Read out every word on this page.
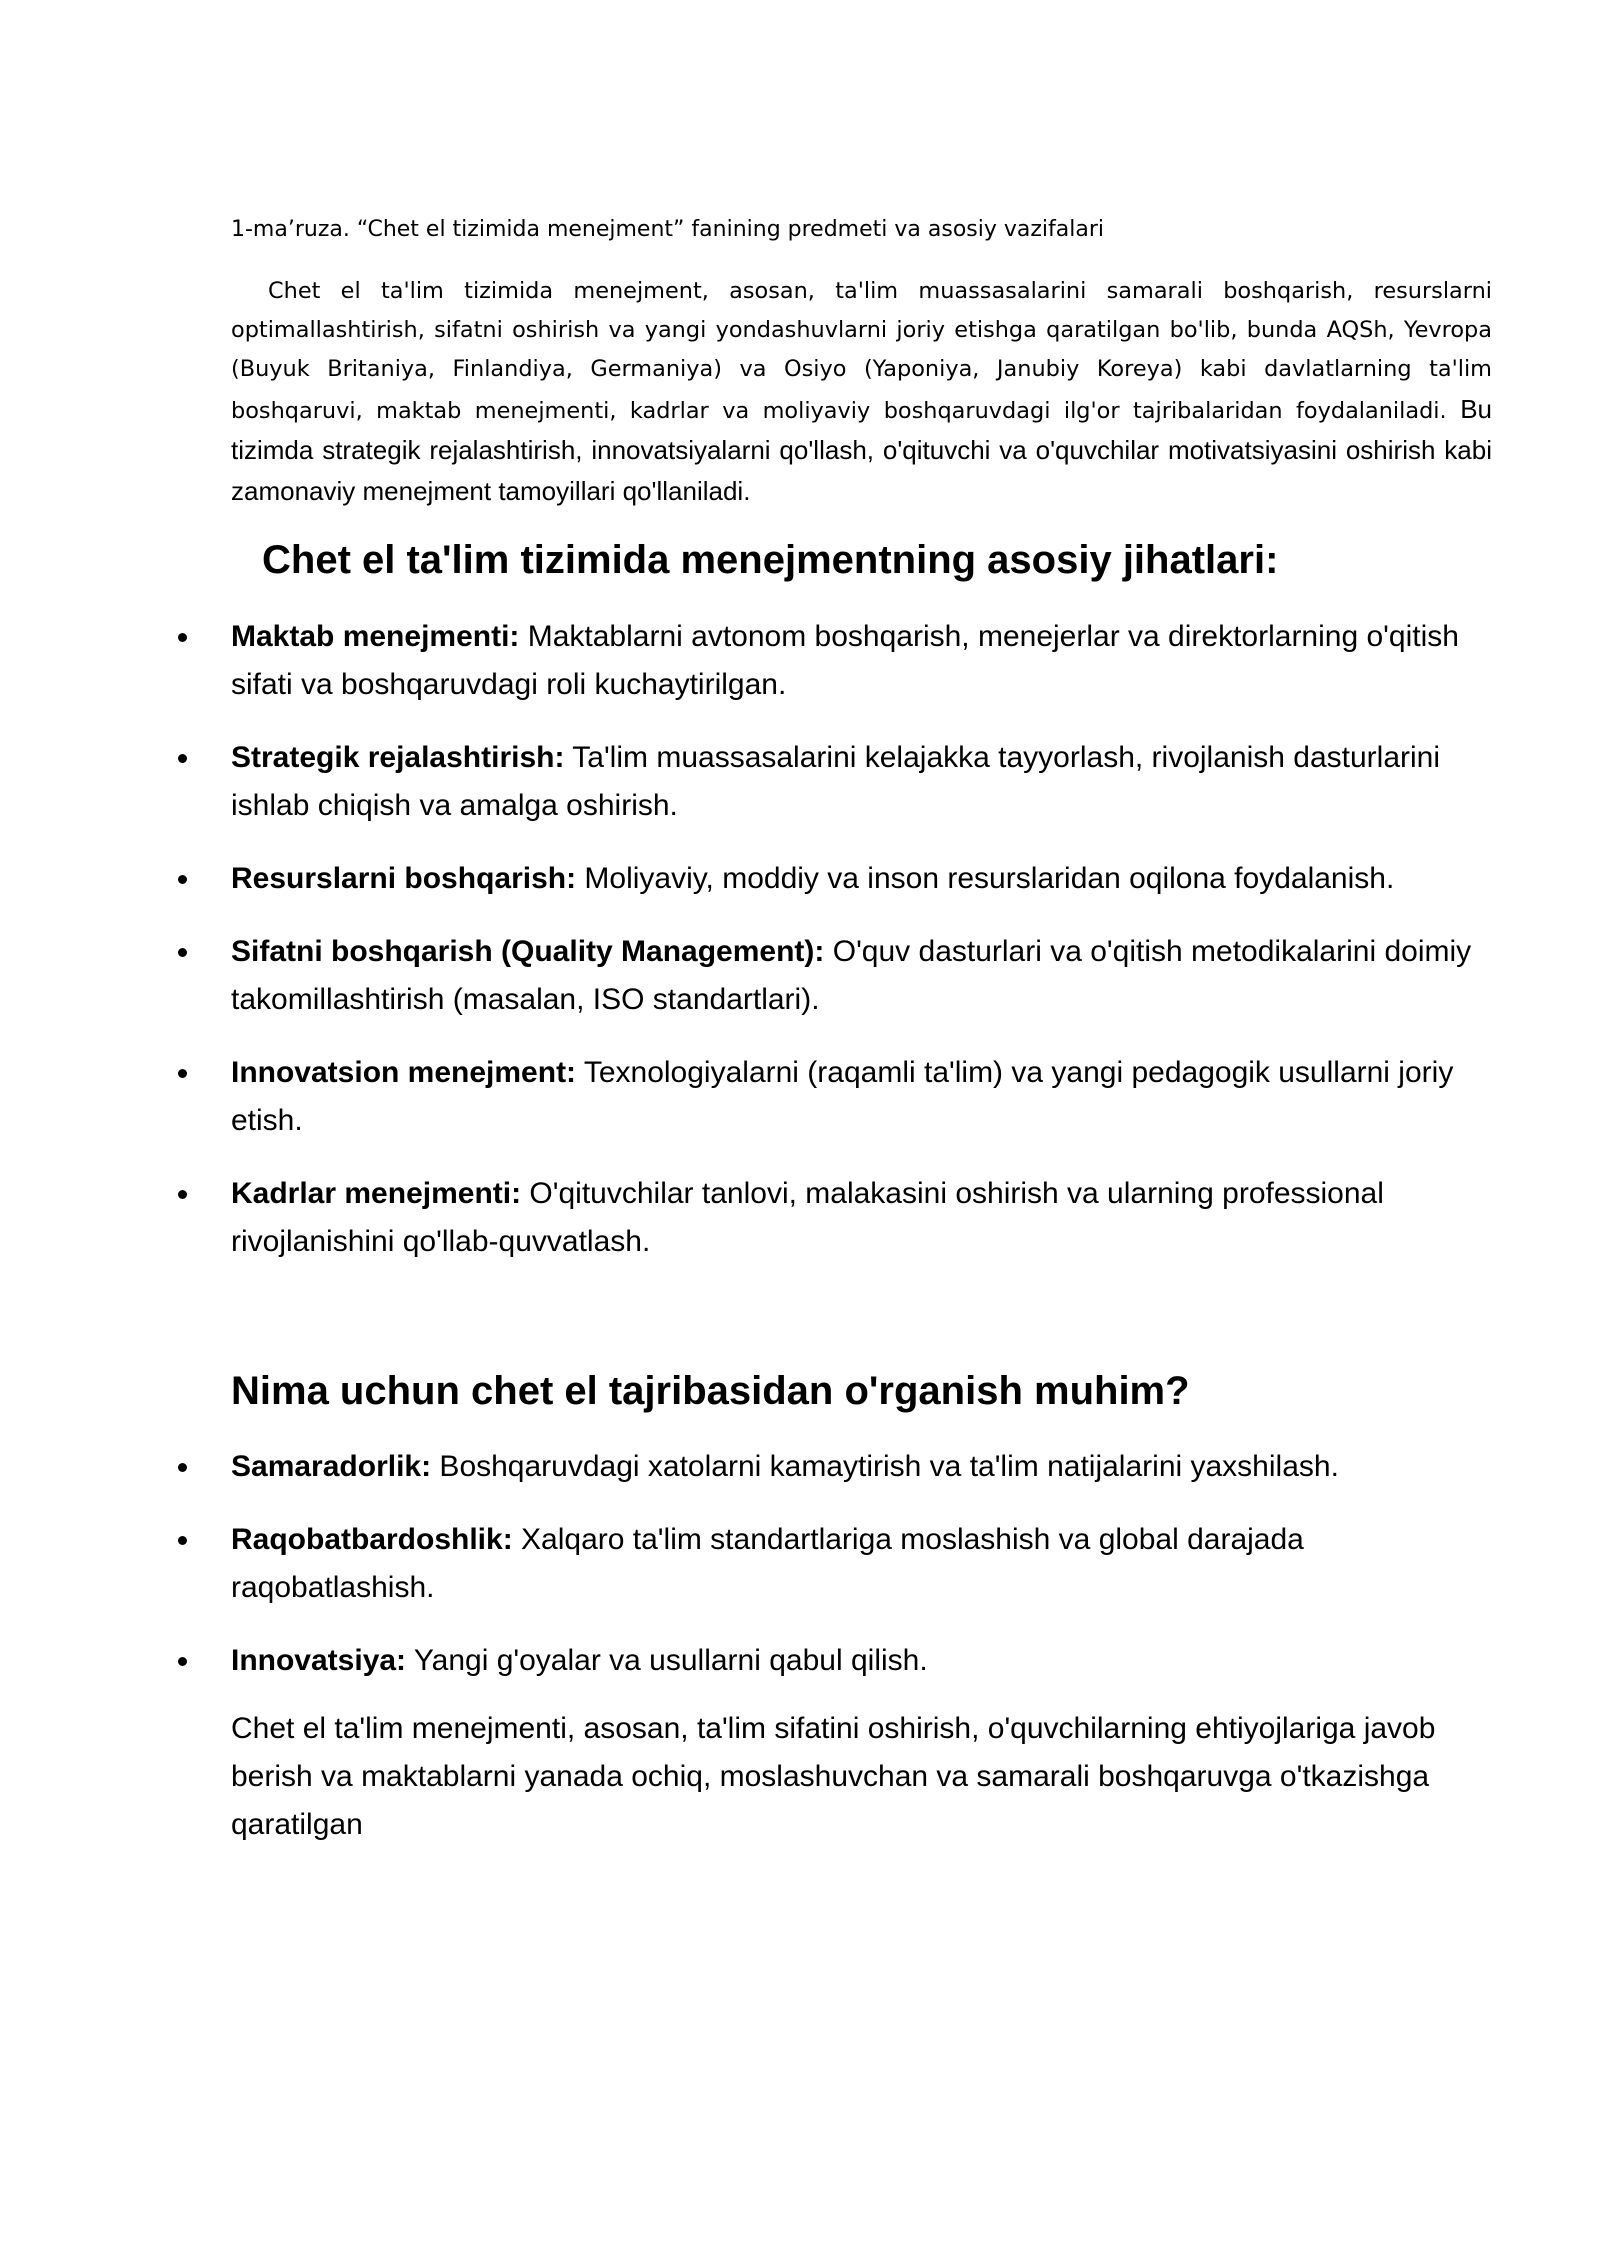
1-ma’ruza. “Chet el tizimida menejment” fanining predmeti va asosiy vazifalari

Chet el ta'lim tizimida menejment, asosan, ta'lim muassasalarini samarali boshqarish, resurslarni optimallashtirish, sifatni oshirish va yangi yondashuvlarni joriy etishga qaratilgan bo'lib, bunda AQSh, Yevropa (Buyuk Britaniya, Finlandiya, Germaniya) va Osiyo (Yaponiya, Janubiy Koreya) kabi davlatlarning ta'lim boshqaruvi, maktab menejmenti, kadrlar va moliyaviy boshqaruvdagi ilg'or tajribalaridan foydalaniladi. Bu tizimda strategik rejalashtirish, innovatsiyalarni qo'llash, o'qituvchi va o'quvchilar motivatsiyasini oshirish kabi zamonaviy menejment tamoyillari qo'llaniladi.

Chet el ta'lim tizimida menejmentning asosiy jihatlari:
Maktab menejmenti: Maktablarni avtonom boshqarish, menejerlar va direktorlarning o'qitish sifati va boshqaruvdagi roli kuchaytirilgan.
Strategik rejalashtirish: Ta'lim muassasalarini kelajakka tayyorlash, rivojlanish dasturlarini ishlab chiqish va amalga oshirish.
Resurslarni boshqarish: Moliyaviy, moddiy va inson resurslaridan oqilona foydalanish.
Sifatni boshqarish (Quality Management): O'quv dasturlari va o'qitish metodikalarini doimiy takomillashtirish (masalan, ISO standartlari).
Innovatsion menejment: Texnologiyalarni (raqamli ta'lim) va yangi pedagogik usullarni joriy etish.
Kadrlar menejmenti: O'qituvchilar tanlovi, malakasini oshirish va ularning professional rivojlanishini qo'llab-quvvatlash.
Nima uchun chet el tajribasidan o'rganish muhim?
Samaradorlik: Boshqaruvdagi xatolarni kamaytirish va ta'lim natijalarini yaxshilash.
Raqobatbardoshlik: Xalqaro ta'lim standartlariga moslashish va global darajada raqobatlashish.
Innovatsiya: Yangi g'oyalar va usullarni qabul qilish.

Chet el ta'lim menejmenti, asosan, ta'lim sifatini oshirish, o'quvchilarning ehtiyojlariga javob berish va maktablarni yanada ochiq, moslashuvchan va samarali boshqaruvga o'tkazishga qaratilgan
